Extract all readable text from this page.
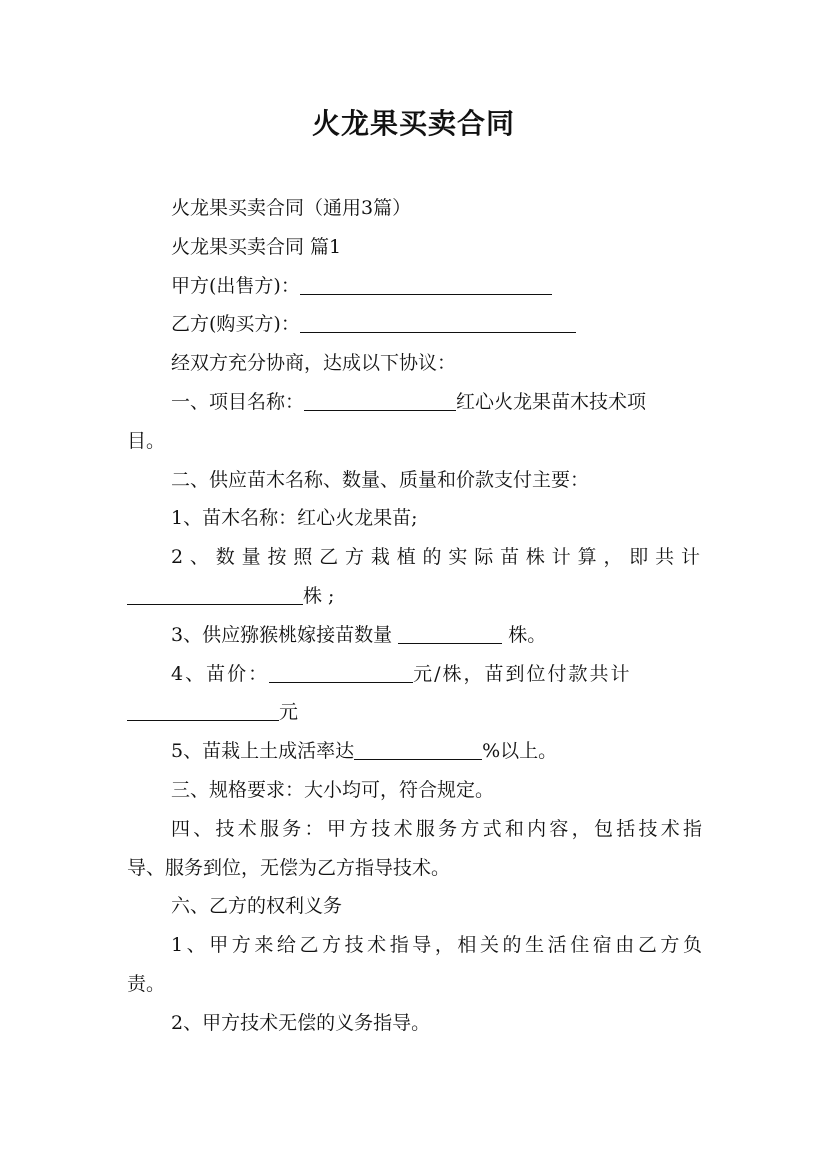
火龙果买卖合同

火龙果买卖合同（通用3篇）

火龙果买卖合同 篇1

甲方(出售方)：

乙方(购买方)：

经双方充分协商，达成以下协议：

一、项目名称：	红心火龙果苗木技术项

目。

二、供应苗木名称、数量、质量和价款支付主要：

1、苗木名称：红心火龙果苗;

2、数量按照乙方栽植的实际苗株计算，即共计

株 ;

3、供应猕猴桃嫁接苗数量	株。

4、苗价：	元/株，苗到位付款共计

元

5、苗栽上土成活率达	%以上。

三、规格要求：大小均可，符合规定。

四、技术服务：甲方技术服务方式和内容，包括技术指

导、服务到位，无偿为乙方指导技术。

六、乙方的权利义务

1、甲方来给乙方技术指导，相关的生活住宿由乙方负

责。

2、甲方技术无偿的义务指导。
